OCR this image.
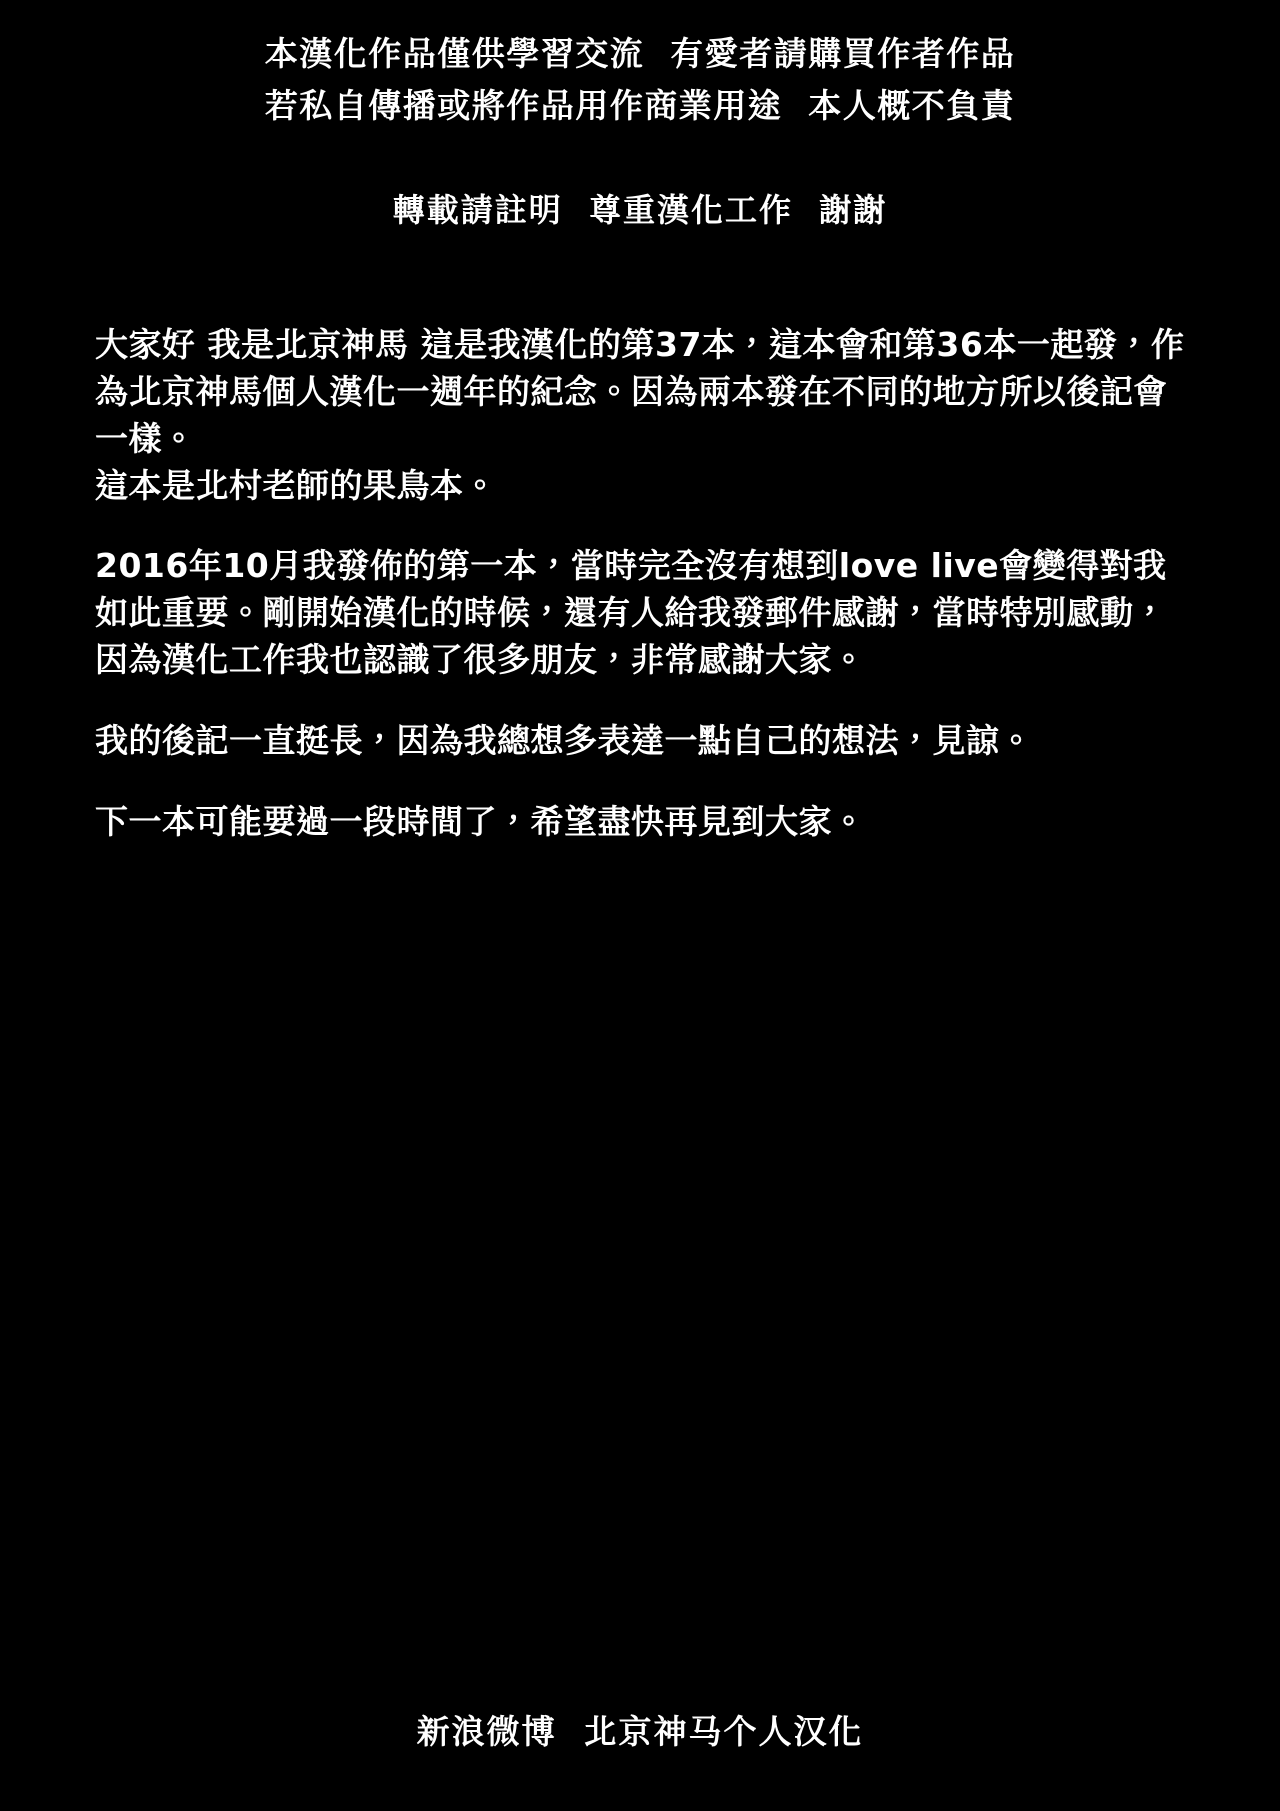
本漢化作品僅供學習交流  有愛者請購買作者作品
若私自傳播或將作品用作商業用途  本人概不負責
轉載請註明  尊重漢化工作  謝謝

大家好 我是北京神馬 這是我漢化的第37本，這本會和第36本一起發，作為北京神馬個人漢化一週年的紀念。因為兩本發在不同的地方所以後記會一樣。

這本是北村老師的果鳥本。

2016年10月我發佈的第一本，當時完全沒有想到love live會變得對我如此重要。剛開始漢化的時候，還有人給我發郵件感謝，當時特別感動，因為漢化工作我也認識了很多朋友，非常感謝大家。

我的後記一直挺長，因為我總想多表達一點自己的想法，見諒。

下一本可能要過一段時間了，希望盡快再見到大家。

新浪微博  北京神马个人汉化
